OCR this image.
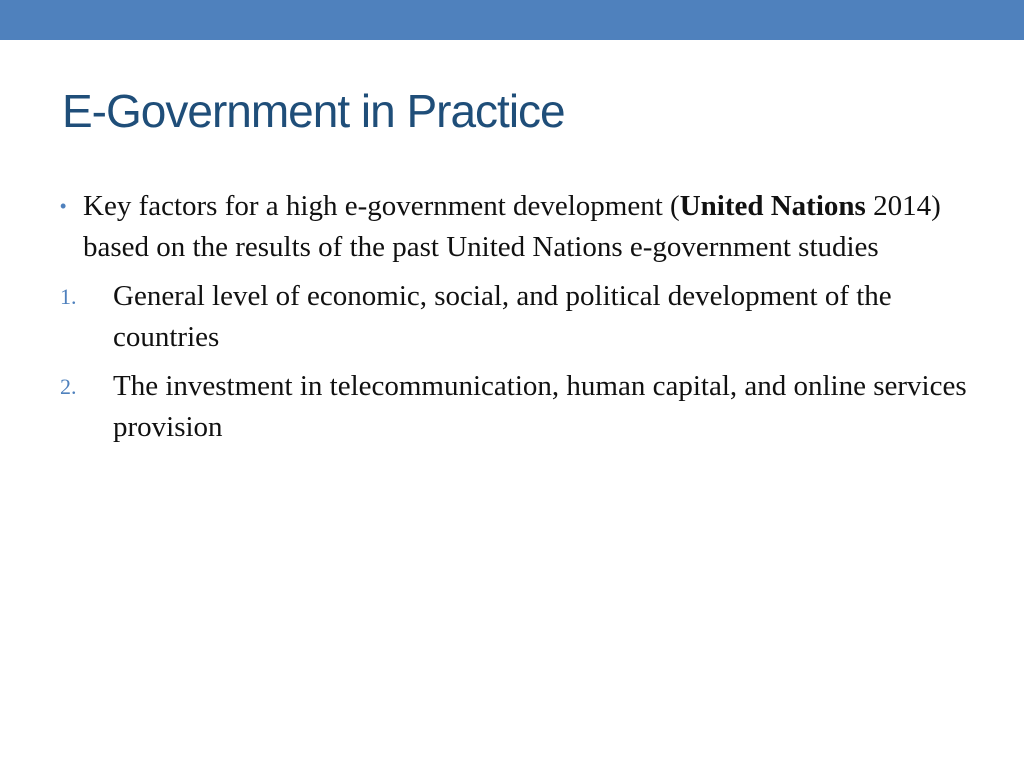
E-Government in Practice
• Key factors for a high e-government development (United Nations 2014) based on the results of the past United Nations e-government studies
1. General level of economic, social, and political development of the countries
2. The investment in telecommunication, human capital, and online services provision
